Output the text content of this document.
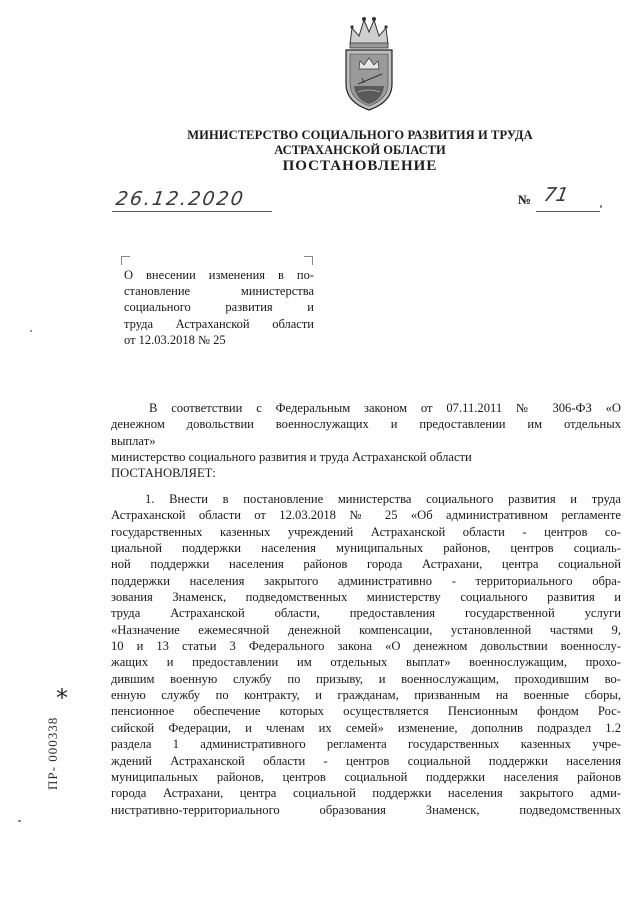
МИНИСТЕРСТВО СОЦИАЛЬНОГО РАЗВИТИЯ И ТРУДА
АСТРАХАНСКОЙ ОБЛАСТИ
ПОСТАНОВЛЕНИЕ
26.12.2020	№ 71
О внесении изменения в по-
становление министерства
социального развития и
труда Астраханской области
от 12.03.2018 № 25
В соответствии с Федеральным законом от 07.11.2011 № 306-ФЗ «О
денежном довольствии военнослужащих и предоставлении им отдельных
выплат»
министерство социального развития и труда Астраханской области
ПОСТАНОВЛЯЕТ:
1. Внести в постановление министерства социального развития и труда
Астраханской области от 12.03.2018 № 25 «Об административном регламенте
государственных казенных учреждений Астраханской области - центров со-
циальной поддержки населения муниципальных районов, центров социаль-
ной поддержки населения районов города Астрахани, центра социальной
поддержки населения закрытого административно - территориального обра-
зования Знаменск, подведомственных министерству социального развития и
труда Астраханской области, предоставления государственной услуги
«Назначение ежемесячной денежной компенсации, установленной частями 9,
10 и 13 статьи 3 Федерального закона «О денежном довольствии военнослу-
жащих и предоставлении им отдельных выплат» военнослужащим, прохо-
дившим военную службу по призыву, и военнослужащим, проходившим во-
енную службу по контракту, и гражданам, призванным на военные сборы,
пенсионное обеспечение которых осуществляется Пенсионным фондом Рос-
сийской Федерации, и членам их семей» изменение, дополнив подраздел 1.2
раздела 1 административного регламента государственных казенных учре-
ждений Астраханской области - центров социальной поддержки населения
муниципальных районов, центров социальной поддержки населения районов
города Астрахани, центра социальной поддержки населения закрытого адми-
нистративно-территориального образования Знаменск, подведомственных
*
ПР- 000338
